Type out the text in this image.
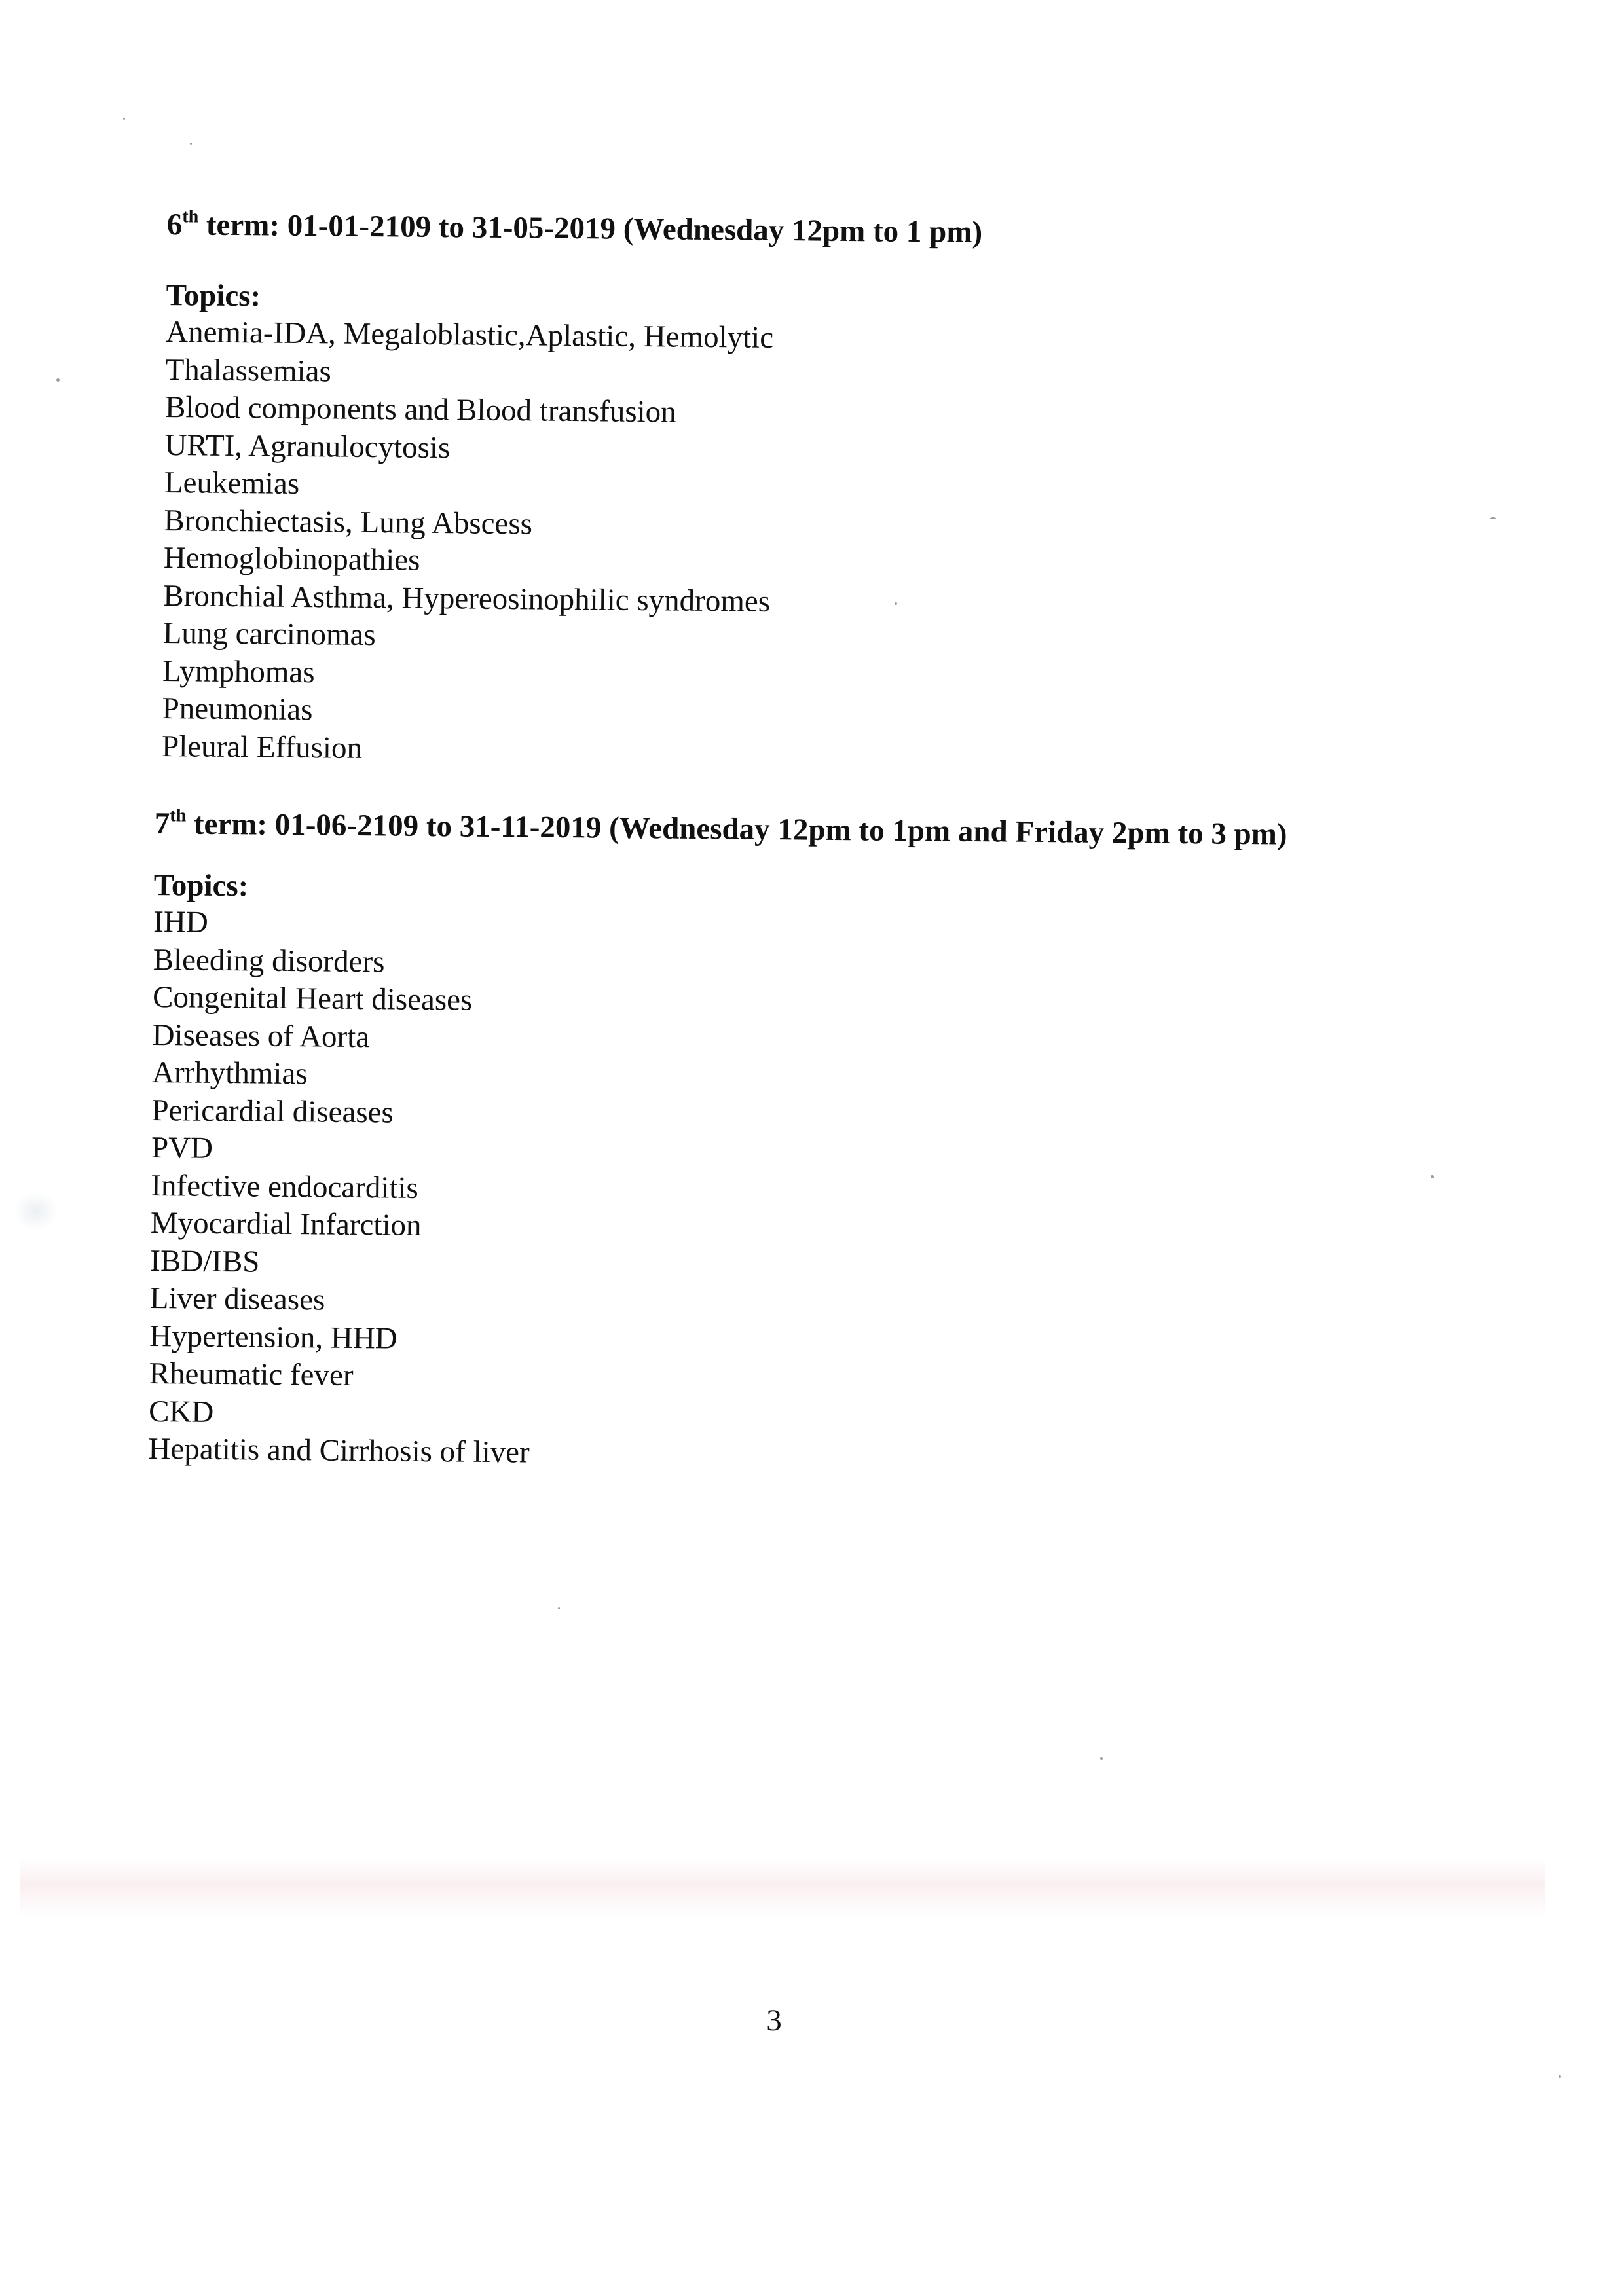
6th term: 01-01-2109 to 31-05-2019 (Wednesday 12pm to 1 pm)
Topics:
Anemia-IDA, Megaloblastic,Aplastic, Hemolytic
Thalassemias
Blood components and Blood transfusion
URTI, Agranulocytosis
Leukemias
Bronchiectasis, Lung Abscess
Hemoglobinopathies
Bronchial Asthma, Hypereosinophilic syndromes
Lung carcinomas
Lymphomas
Pneumonias
Pleural Effusion
7th term: 01-06-2109 to 31-11-2019 (Wednesday 12pm to 1pm and Friday 2pm to 3 pm)
Topics:
IHD
Bleeding disorders
Congenital Heart diseases
Diseases of Aorta
Arrhythmias
Pericardial diseases
PVD
Infective endocarditis
Myocardial Infarction
IBD/IBS
Liver diseases
Hypertension, HHD
Rheumatic fever
CKD
Hepatitis and Cirrhosis of liver
3
